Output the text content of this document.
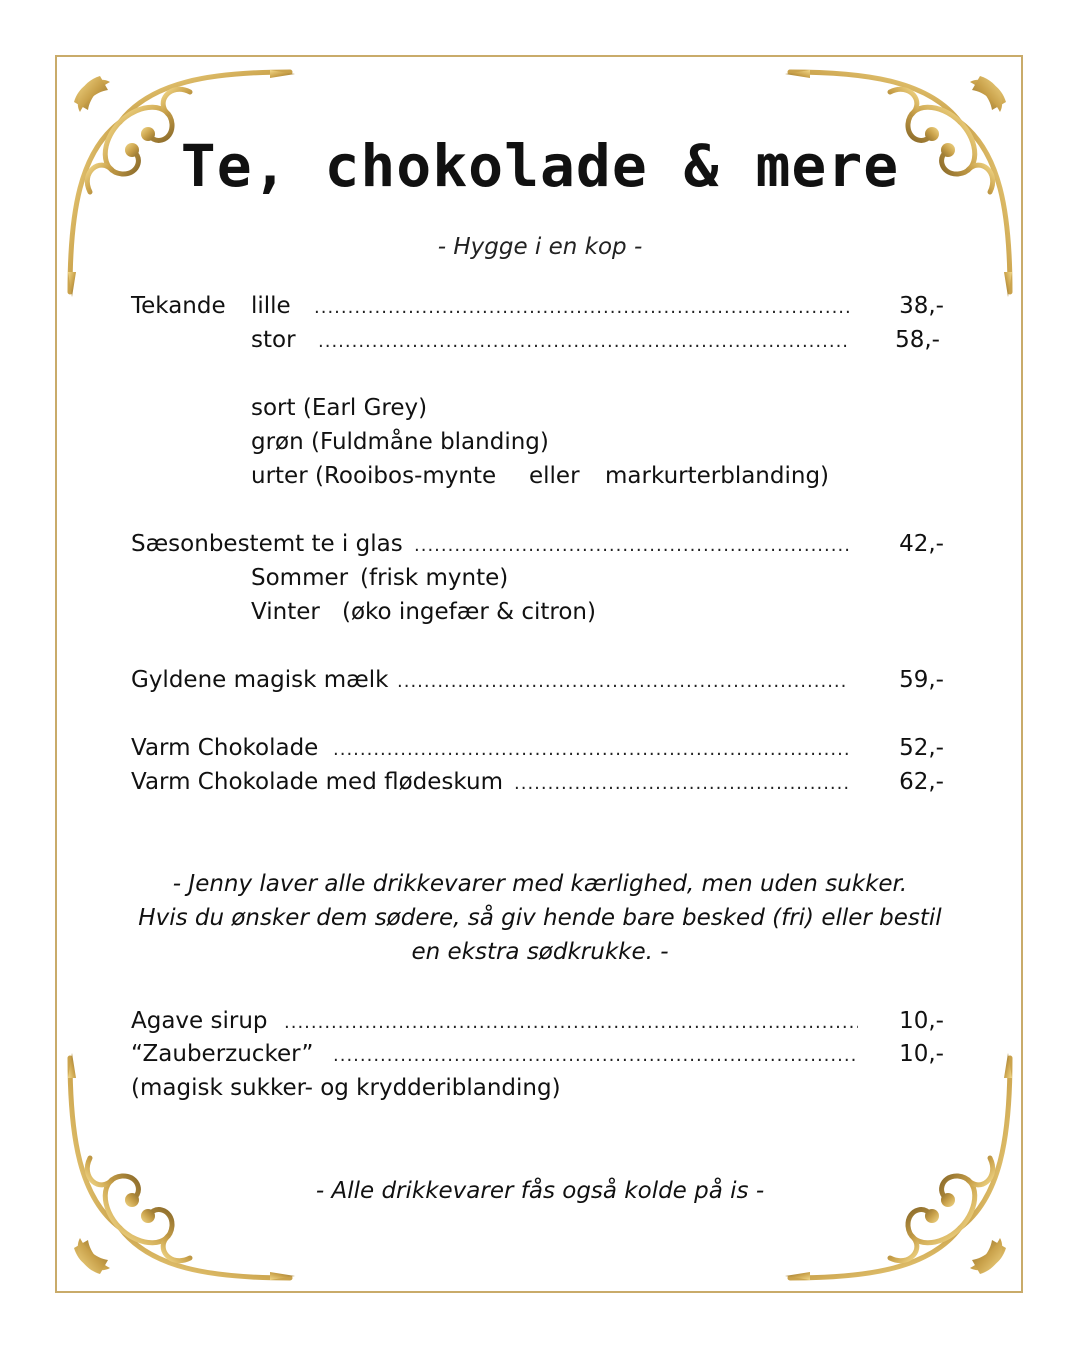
Te, chokolade & mere
- Hygge i en kop -
Tekande lille .....	38,-
stor .....	58,-
sort (Earl Grey)
grøn (Fuldmåne blanding)
urter (Rooibos-mynte eller markurterblanding)
Sæsonbestemt te i glas .....	42,-
Sommer (frisk mynte)
Vinter (øko ingefær & citron)
Gyldene magisk mælk .....	59,-
Varm Chokolade .....	52,-
Varm Chokolade med flødeskum .....	62,-
- Jenny laver alle drikkevarer med kærlighed, men uden sukker.
Hvis du ønsker dem sødere, så giv hende bare besked (fri) eller bestil
en ekstra sødkrukke. -
Agave sirup .....	10,-
“Zauberzucker” .....	10,-
(magisk sukker- og krydderiblanding)
- Alle drikkevarer fås også kolde på is -
